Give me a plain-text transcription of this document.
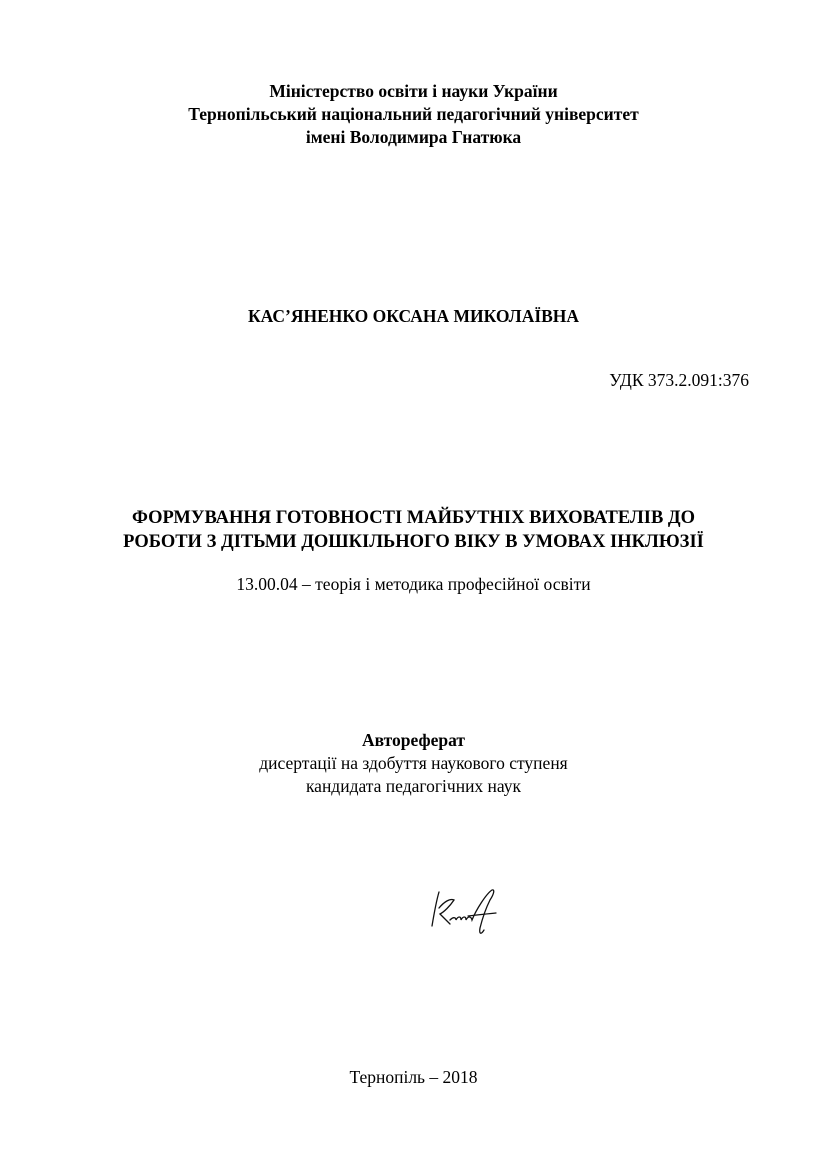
Міністерство освіти і науки України
Тернопільський національний педагогічний університет
імені Володимира Гнатюка
КАС’ЯНЕНКО ОКСАНА МИКОЛАЇВНА
УДК 373.2.091:376
ФОРМУВАННЯ ГОТОВНОСТІ МАЙБУТНІХ ВИХОВАТЕЛІВ ДО
РОБОТИ З ДІТЬМИ ДОШКІЛЬНОГО ВІКУ В УМОВАХ ІНКЛЮЗІЇ
13.00.04 – теорія і методика професійної освіти
Автореферат
дисертації на здобуття наукового ступеня
кандидата педагогічних наук
Тернопіль – 2018
